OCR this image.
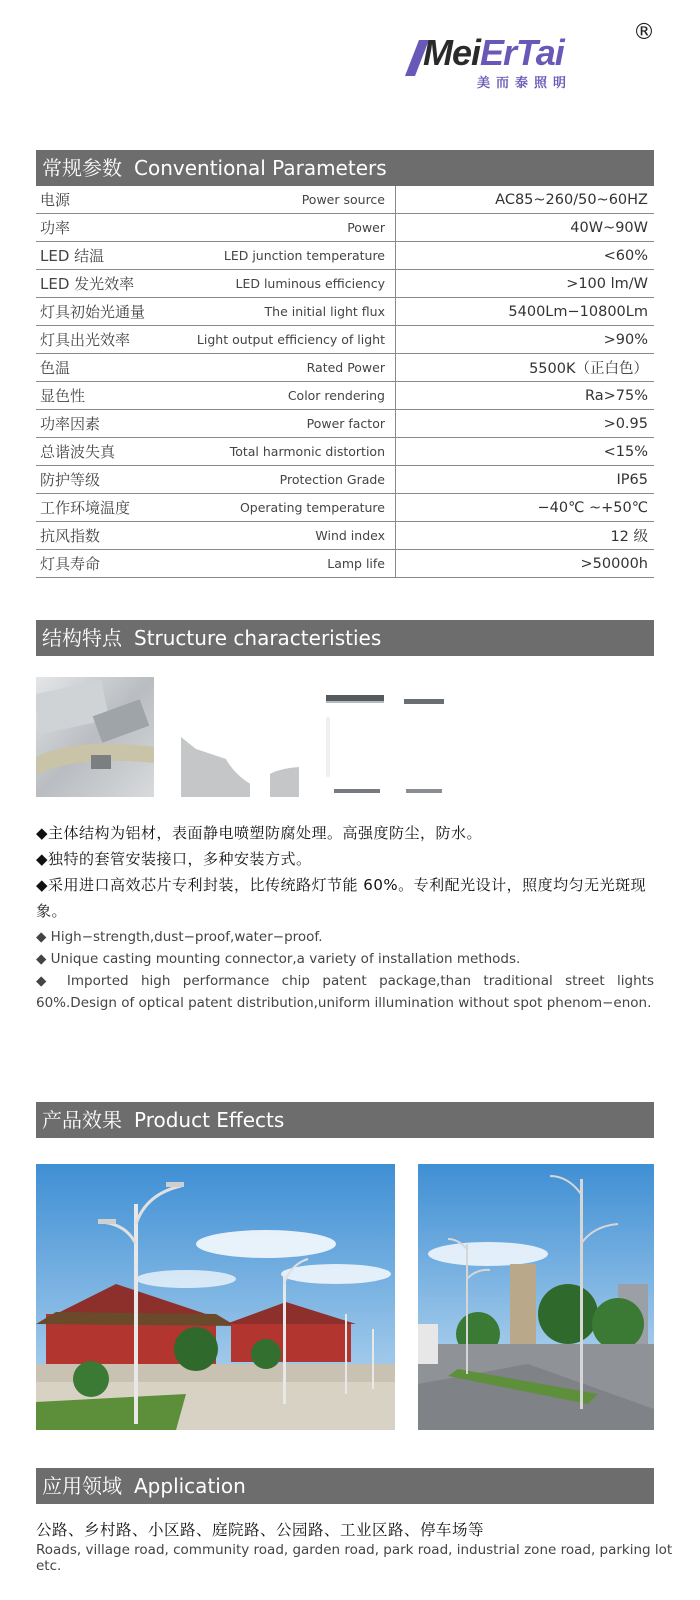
MeiErTai
美而泰照明
®
常规参数 Conventional Parameters
电源	Power source	AC85~260/50~60HZ
功率	Power	40W~90W
LED 结温	LED junction temperature	<60%
LED 发光效率	LED luminous efficiency	>100 lm/W
灯具初始光通量	The initial light flux	5400Lm−10800Lm
灯具出光效率	Light output efficiency of light	>90%
色温	Rated Power	5500K（正白色）
显色性	Color rendering	Ra>75%
功率因素	Power factor	>0.95
总谐波失真	Total harmonic distortion	<15%
防护等级	Protection Grade	IP65
工作环境温度	Operating temperature	−40℃ ~+50℃
抗风指数	Wind index	12 级
灯具寿命	Lamp life	>50000h
结构特点 Structure characteristies
◆主体结构为铝材，表面静电喷塑防腐处理。高强度防尘，防水。
◆独特的套管安装接口，多种安装方式。
◆采用进口高效芯片专利封装，比传统路灯节能 60%。专利配光设计，照度均匀无光斑现象。
◆ High−strength,dust−proof,water−proof.
◆ Unique casting mounting connector,a variety of installation methods.
◆ Imported high performance chip patent package,than traditional street lights 60%.Design of optical patent distribution,uniform illumination without spot phenom−enon.
产品效果 Product Effects
应用领域 Application
公路、乡村路、小区路、庭院路、公园路、工业区路、停车场等
Roads, village road, community road, garden road, park road, industrial zone road, parking lot etc.
